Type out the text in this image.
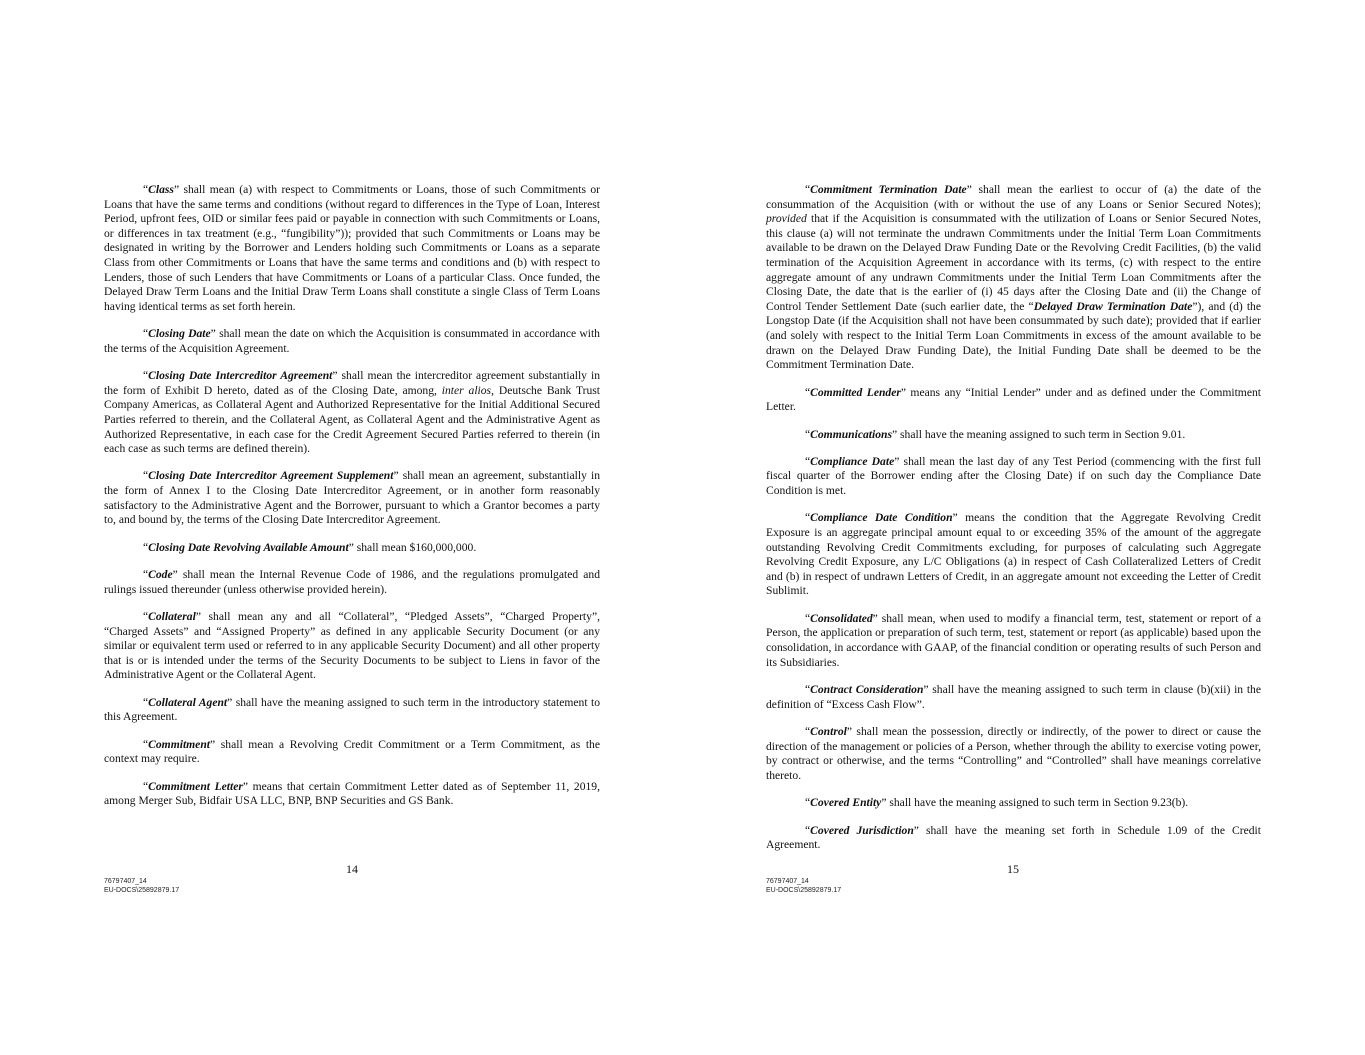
“Class” shall mean (a) with respect to Commitments or Loans, those of such Commitments or Loans that have the same terms and conditions (without regard to differences in the Type of Loan, Interest Period, upfront fees, OID or similar fees paid or payable in connection with such Commitments or Loans, or differences in tax treatment (e.g., “fungibility”)); provided that such Commitments or Loans may be designated in writing by the Borrower and Lenders holding such Commitments or Loans as a separate Class from other Commitments or Loans that have the same terms and conditions and (b) with respect to Lenders, those of such Lenders that have Commitments or Loans of a particular Class. Once funded, the Delayed Draw Term Loans and the Initial Draw Term Loans shall constitute a single Class of Term Loans having identical terms as set forth herein.

“Closing Date” shall mean the date on which the Acquisition is consummated in accordance with the terms of the Acquisition Agreement.

“Closing Date Intercreditor Agreement” shall mean the intercreditor agreement substantially in the form of Exhibit D hereto, dated as of the Closing Date, among, inter alios, Deutsche Bank Trust Company Americas, as Collateral Agent and Authorized Representative for the Initial Additional Secured Parties referred to therein, and the Collateral Agent, as Collateral Agent and the Administrative Agent as Authorized Representative, in each case for the Credit Agreement Secured Parties referred to therein (in each case as such terms are defined therein).

“Closing Date Intercreditor Agreement Supplement” shall mean an agreement, substantially in the form of Annex I to the Closing Date Intercreditor Agreement, or in another form reasonably satisfactory to the Administrative Agent and the Borrower, pursuant to which a Grantor becomes a party to, and bound by, the terms of the Closing Date Intercreditor Agreement.

“Closing Date Revolving Available Amount” shall mean $160,000,000.

“Code” shall mean the Internal Revenue Code of 1986, and the regulations promulgated and rulings issued thereunder (unless otherwise provided herein).

“Collateral” shall mean any and all “Collateral”, “Pledged Assets”, “Charged Property”, “Charged Assets” and “Assigned Property” as defined in any applicable Security Document (or any similar or equivalent term used or referred to in any applicable Security Document) and all other property that is or is intended under the terms of the Security Documents to be subject to Liens in favor of the Administrative Agent or the Collateral Agent.

“Collateral Agent” shall have the meaning assigned to such term in the introductory statement to this Agreement.

“Commitment” shall mean a Revolving Credit Commitment or a Term Commitment, as the context may require.

“Commitment Letter” means that certain Commitment Letter dated as of September 11, 2019, among Merger Sub, Bidfair USA LLC, BNP, BNP Securities and GS Bank.

14
76797407_14
EU-DOCS\25892879.17

“Commitment Termination Date” shall mean the earliest to occur of (a) the date of the consummation of the Acquisition (with or without the use of any Loans or Senior Secured Notes); provided that if the Acquisition is consummated with the utilization of Loans or Senior Secured Notes, this clause (a) will not terminate the undrawn Commitments under the Initial Term Loan Commitments available to be drawn on the Delayed Draw Funding Date or the Revolving Credit Facilities, (b) the valid termination of the Acquisition Agreement in accordance with its terms, (c) with respect to the entire aggregate amount of any undrawn Commitments under the Initial Term Loan Commitments after the Closing Date, the date that is the earlier of (i) 45 days after the Closing Date and (ii) the Change of Control Tender Settlement Date (such earlier date, the “Delayed Draw Termination Date”), and (d) the Longstop Date (if the Acquisition shall not have been consummated by such date); provided that if earlier (and solely with respect to the Initial Term Loan Commitments in excess of the amount available to be drawn on the Delayed Draw Funding Date), the Initial Funding Date shall be deemed to be the Commitment Termination Date.

“Committed Lender” means any “Initial Lender” under and as defined under the Commitment Letter.

“Communications” shall have the meaning assigned to such term in Section 9.01.

“Compliance Date” shall mean the last day of any Test Period (commencing with the first full fiscal quarter of the Borrower ending after the Closing Date) if on such day the Compliance Date Condition is met.

“Compliance Date Condition” means the condition that the Aggregate Revolving Credit Exposure is an aggregate principal amount equal to or exceeding 35% of the amount of the aggregate outstanding Revolving Credit Commitments excluding, for purposes of calculating such Aggregate Revolving Credit Exposure, any L/C Obligations (a) in respect of Cash Collateralized Letters of Credit and (b) in respect of undrawn Letters of Credit, in an aggregate amount not exceeding the Letter of Credit Sublimit.

“Consolidated” shall mean, when used to modify a financial term, test, statement or report of a Person, the application or preparation of such term, test, statement or report (as applicable) based upon the consolidation, in accordance with GAAP, of the financial condition or operating results of such Person and its Subsidiaries.

“Contract Consideration” shall have the meaning assigned to such term in clause (b)(xii) in the definition of “Excess Cash Flow”.

“Control” shall mean the possession, directly or indirectly, of the power to direct or cause the direction of the management or policies of a Person, whether through the ability to exercise voting power, by contract or otherwise, and the terms “Controlling” and “Controlled” shall have meanings correlative thereto.

“Covered Entity” shall have the meaning assigned to such term in Section 9.23(b).

“Covered Jurisdiction” shall have the meaning set forth in Schedule 1.09 of the Credit Agreement.

15
76797407_14
EU-DOCS\25892879.17
